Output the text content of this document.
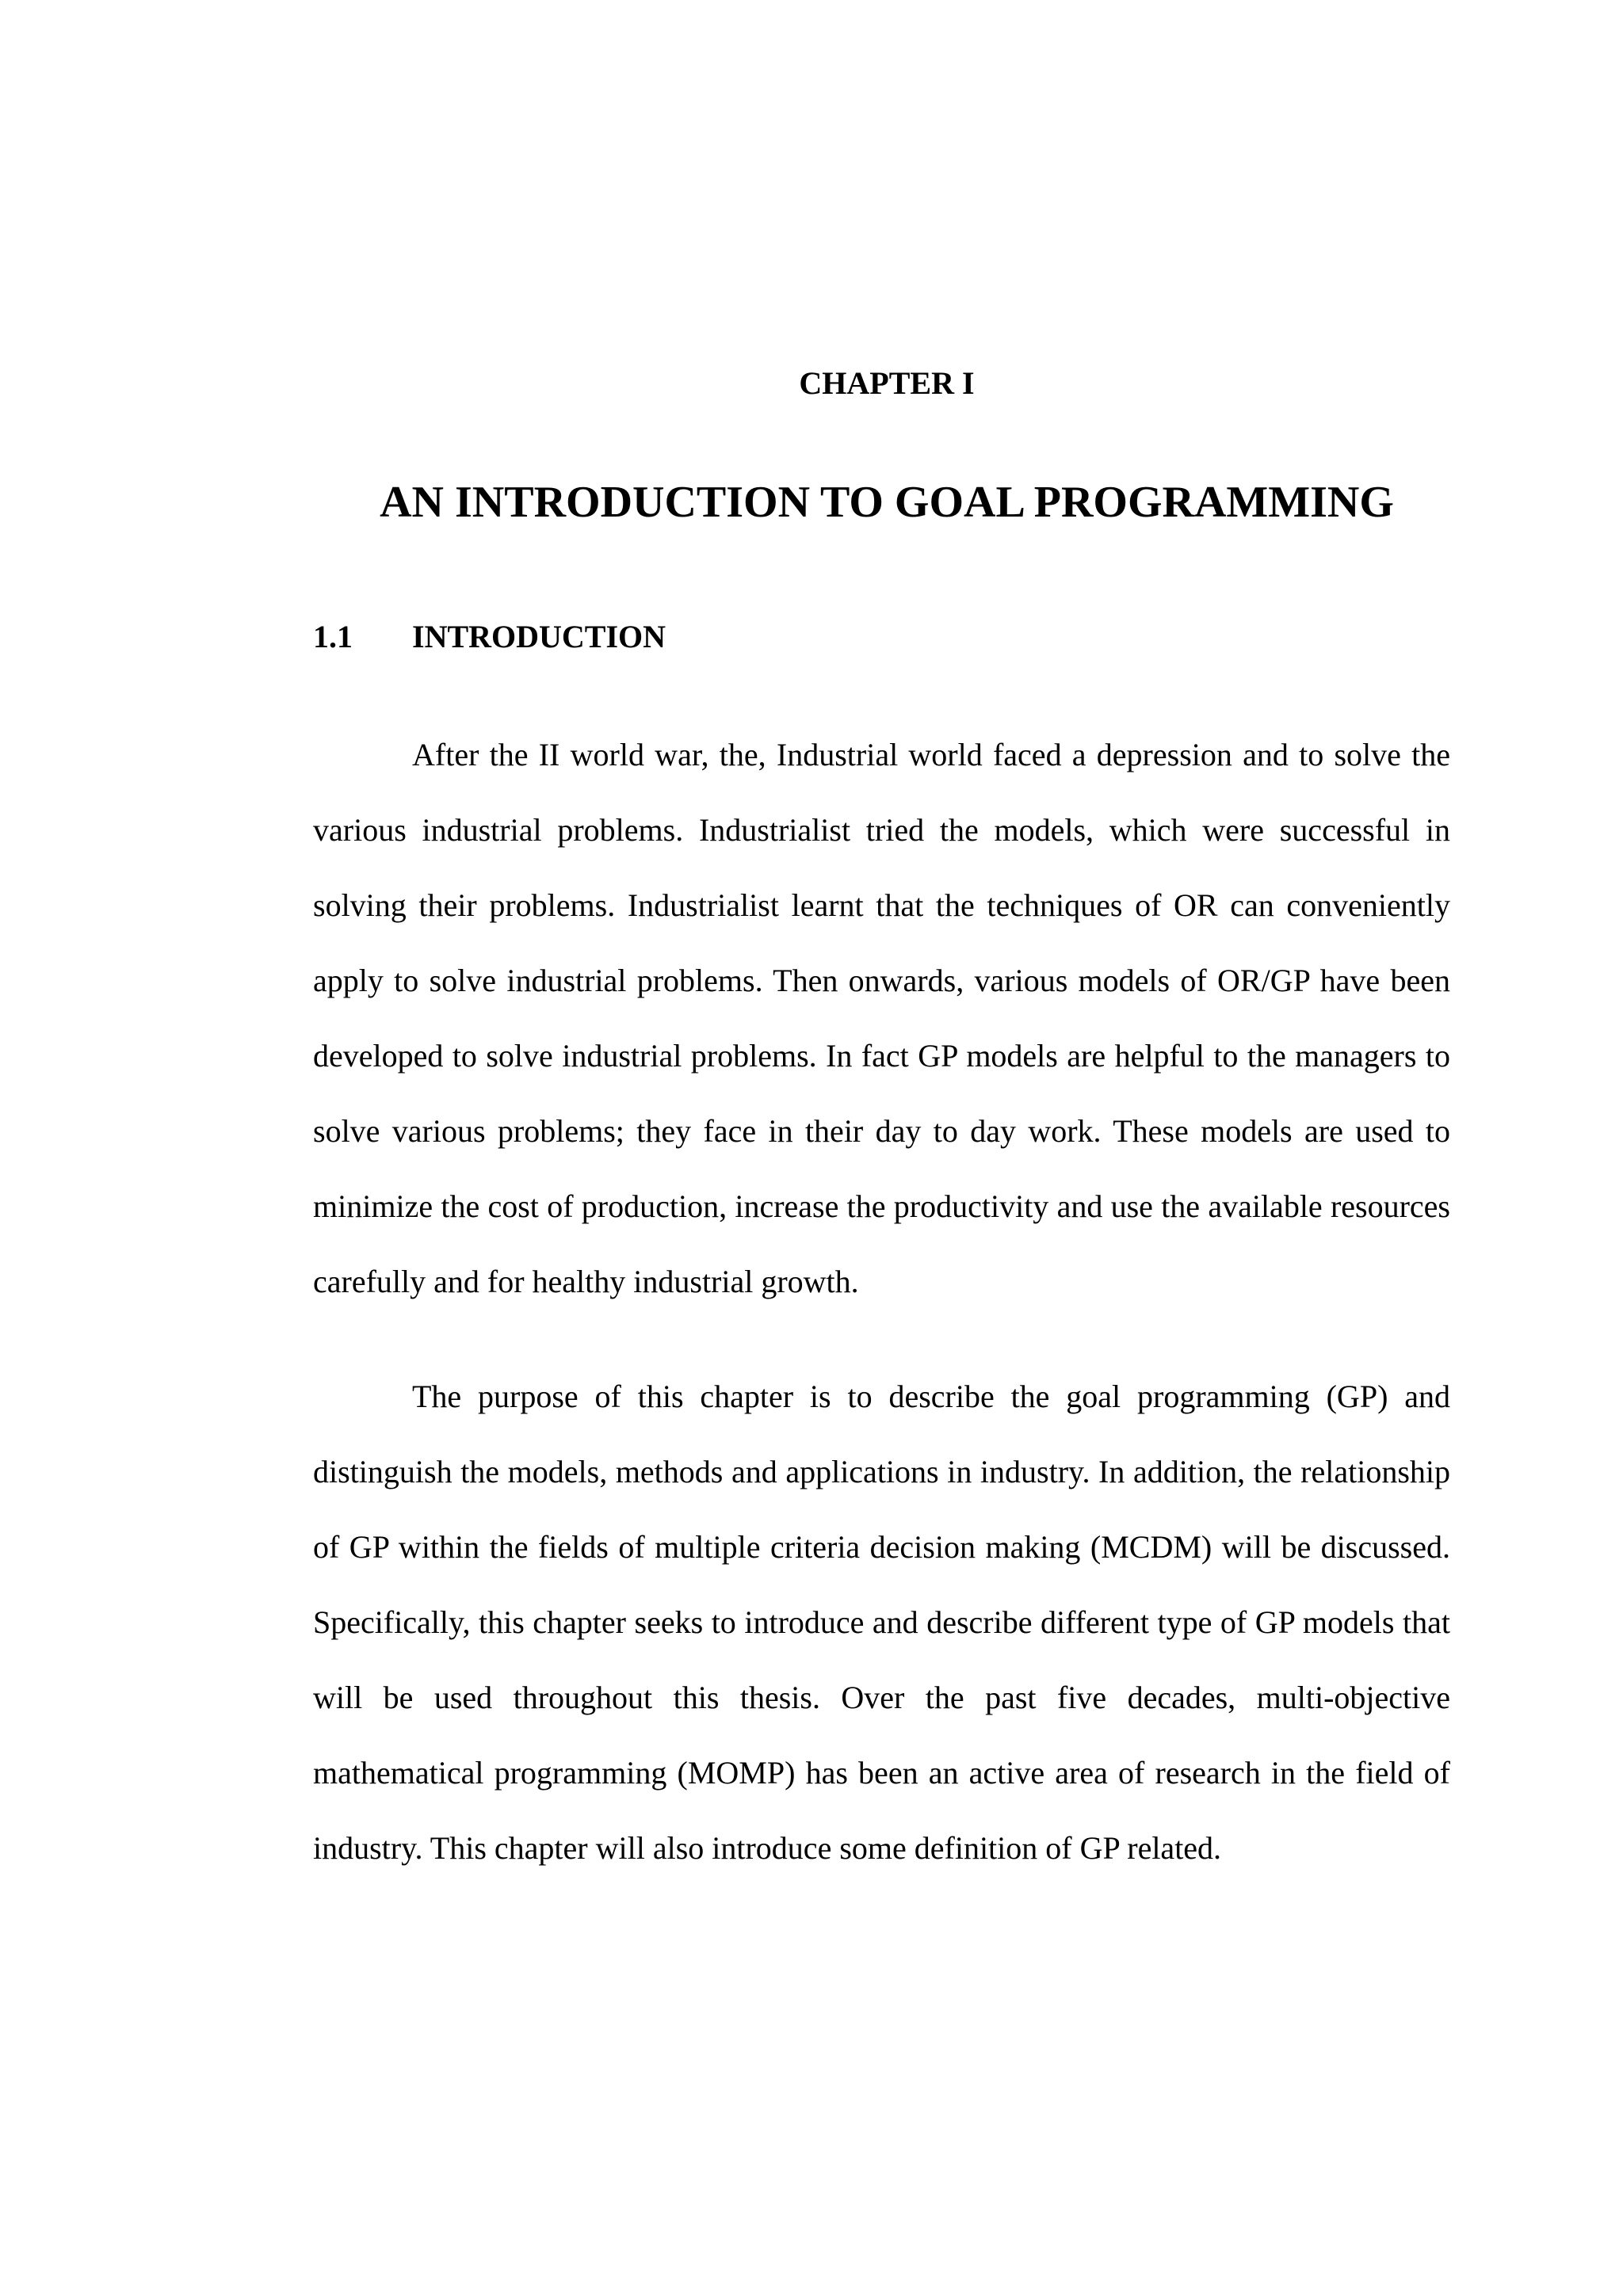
CHAPTER I
AN INTRODUCTION TO GOAL PROGRAMMING
1.1 INTRODUCTION

After the II world war, the, Industrial world faced a depression and to solve the various industrial problems. Industrialist tried the models, which were successful in solving their problems. Industrialist learnt that the techniques of OR can conveniently apply to solve industrial problems. Then onwards, various models of OR/GP have been developed to solve industrial problems. In fact GP models are helpful to the managers to solve various problems; they face in their day to day work. These models are used to minimize the cost of production, increase the productivity and use the available resources carefully and for healthy industrial growth.

The purpose of this chapter is to describe the goal programming (GP) and distinguish the models, methods and applications in industry. In addition, the relationship of GP within the fields of multiple criteria decision making (MCDM) will be discussed. Specifically, this chapter seeks to introduce and describe different type of GP models that will be used throughout this thesis. Over the past five decades, multi-objective mathematical programming (MOMP) has been an active area of research in the field of industry. This chapter will also introduce some definition of GP related.
